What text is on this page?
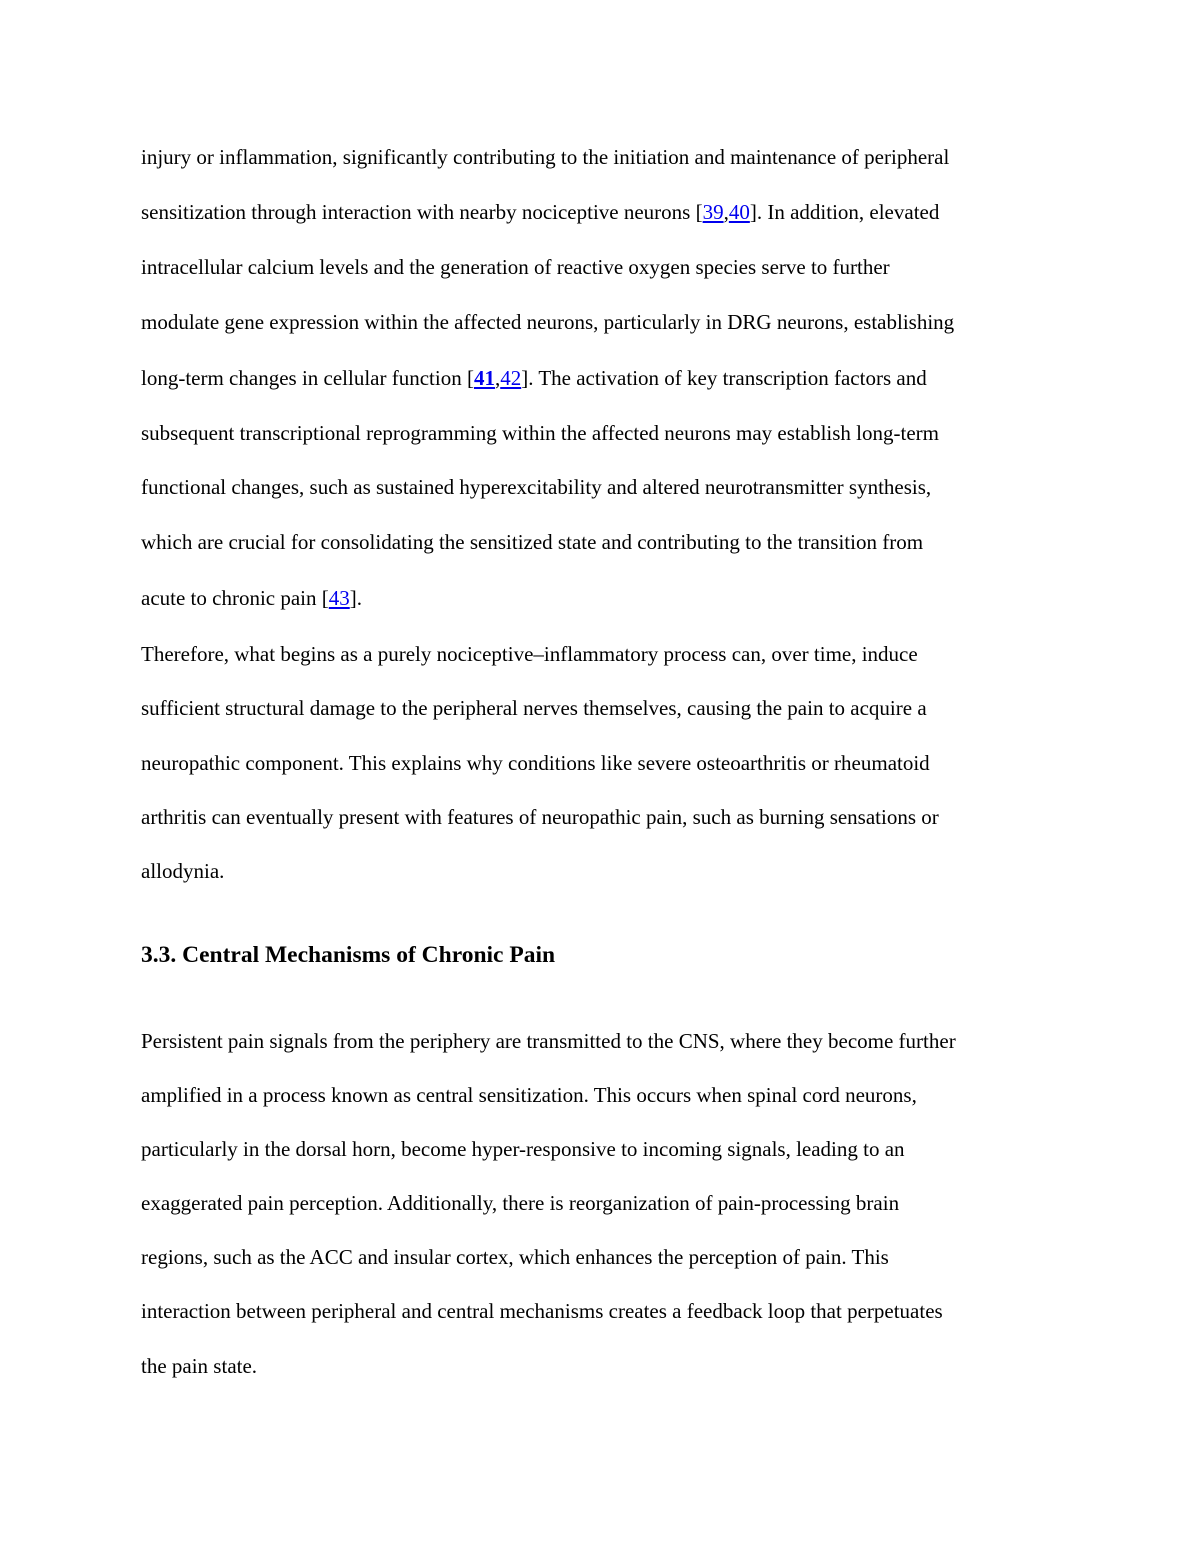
injury or inflammation, significantly contributing to the initiation and maintenance of peripheral
sensitization through interaction with nearby nociceptive neurons [39,40]. In addition, elevated
intracellular calcium levels and the generation of reactive oxygen species serve to further
modulate gene expression within the affected neurons, particularly in DRG neurons, establishing
long-term changes in cellular function [41,42]. The activation of key transcription factors and
subsequent transcriptional reprogramming within the affected neurons may establish long-term
functional changes, such as sustained hyperexcitability and altered neurotransmitter synthesis,
which are crucial for consolidating the sensitized state and contributing to the transition from
acute to chronic pain [43].
Therefore, what begins as a purely nociceptive–inflammatory process can, over time, induce
sufficient structural damage to the peripheral nerves themselves, causing the pain to acquire a
neuropathic component. This explains why conditions like severe osteoarthritis or rheumatoid
arthritis can eventually present with features of neuropathic pain, such as burning sensations or
allodynia.
3.3. Central Mechanisms of Chronic Pain
Persistent pain signals from the periphery are transmitted to the CNS, where they become further
amplified in a process known as central sensitization. This occurs when spinal cord neurons,
particularly in the dorsal horn, become hyper-responsive to incoming signals, leading to an
exaggerated pain perception. Additionally, there is reorganization of pain-processing brain
regions, such as the ACC and insular cortex, which enhances the perception of pain. This
interaction between peripheral and central mechanisms creates a feedback loop that perpetuates
the pain state.
